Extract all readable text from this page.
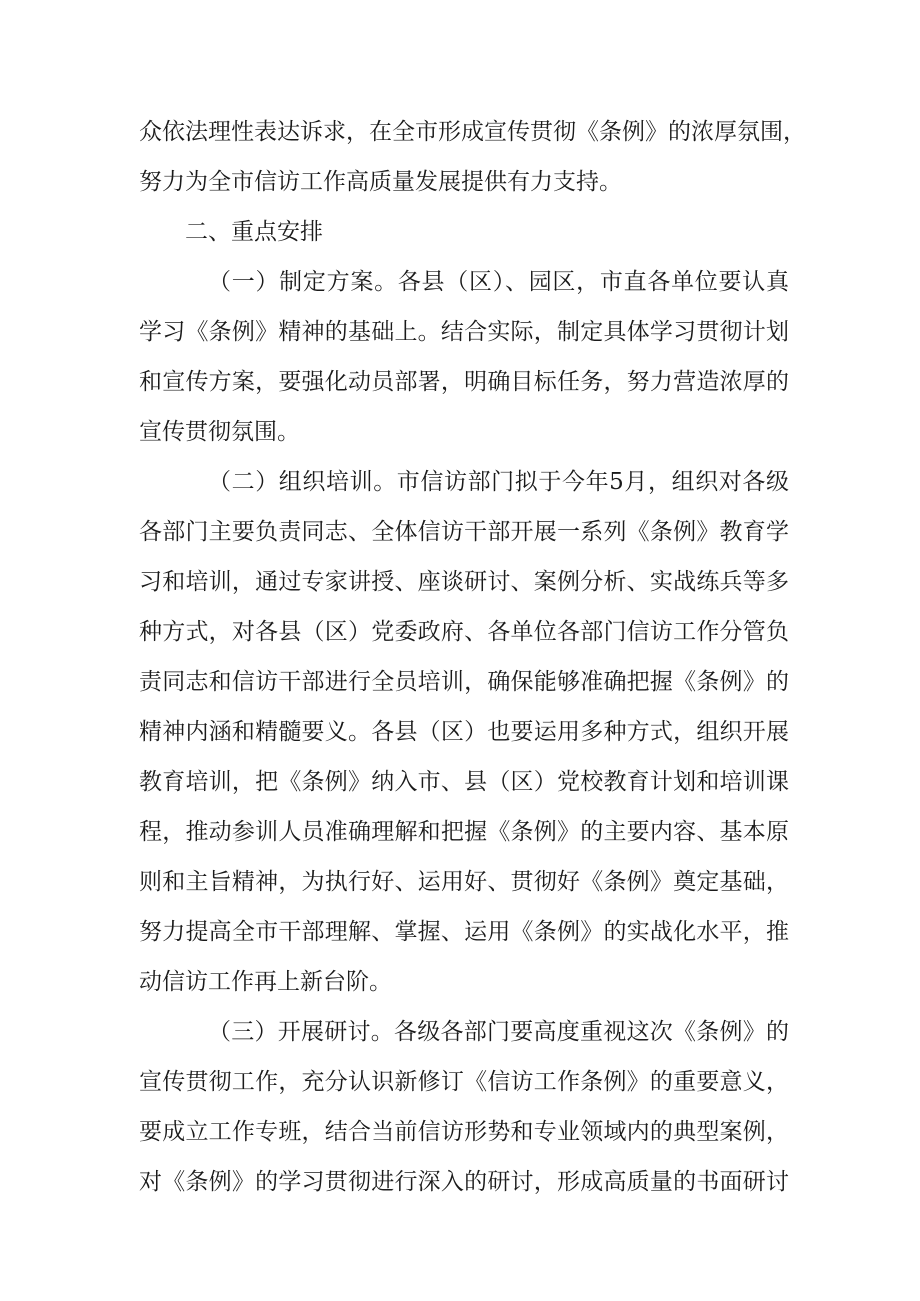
众依法理性表达诉求，在全市形成宣传贯彻《条例》的浓厚氛围，
努力为全市信访工作高质量发展提供有力支持。
二、重点安排
（一）制定方案。各县（区）、园区，市直各单位要认真
学习《条例》精神的基础上。结合实际，制定具体学习贯彻计划
和宣传方案，要强化动员部署，明确目标任务，努力营造浓厚的
宣传贯彻氛围。
（二）组织培训。市信访部门拟于今年5月，组织对各级
各部门主要负责同志、全体信访干部开展一系列《条例》教育学
习和培训，通过专家讲授、座谈研讨、案例分析、实战练兵等多
种方式，对各县（区）党委政府、各单位各部门信访工作分管负
责同志和信访干部进行全员培训，确保能够准确把握《条例》的
精神内涵和精髓要义。各县（区）也要运用多种方式，组织开展
教育培训，把《条例》纳入市、县（区）党校教育计划和培训课
程，推动参训人员准确理解和把握《条例》的主要内容、基本原
则和主旨精神，为执行好、运用好、贯彻好《条例》奠定基础，
努力提高全市干部理解、掌握、运用《条例》的实战化水平，推
动信访工作再上新台阶。
（三）开展研讨。各级各部门要高度重视这次《条例》的
宣传贯彻工作，充分认识新修订《信访工作条例》的重要意义，
要成立工作专班，结合当前信访形势和专业领域内的典型案例，
对《条例》的学习贯彻进行深入的研讨，形成高质量的书面研讨
